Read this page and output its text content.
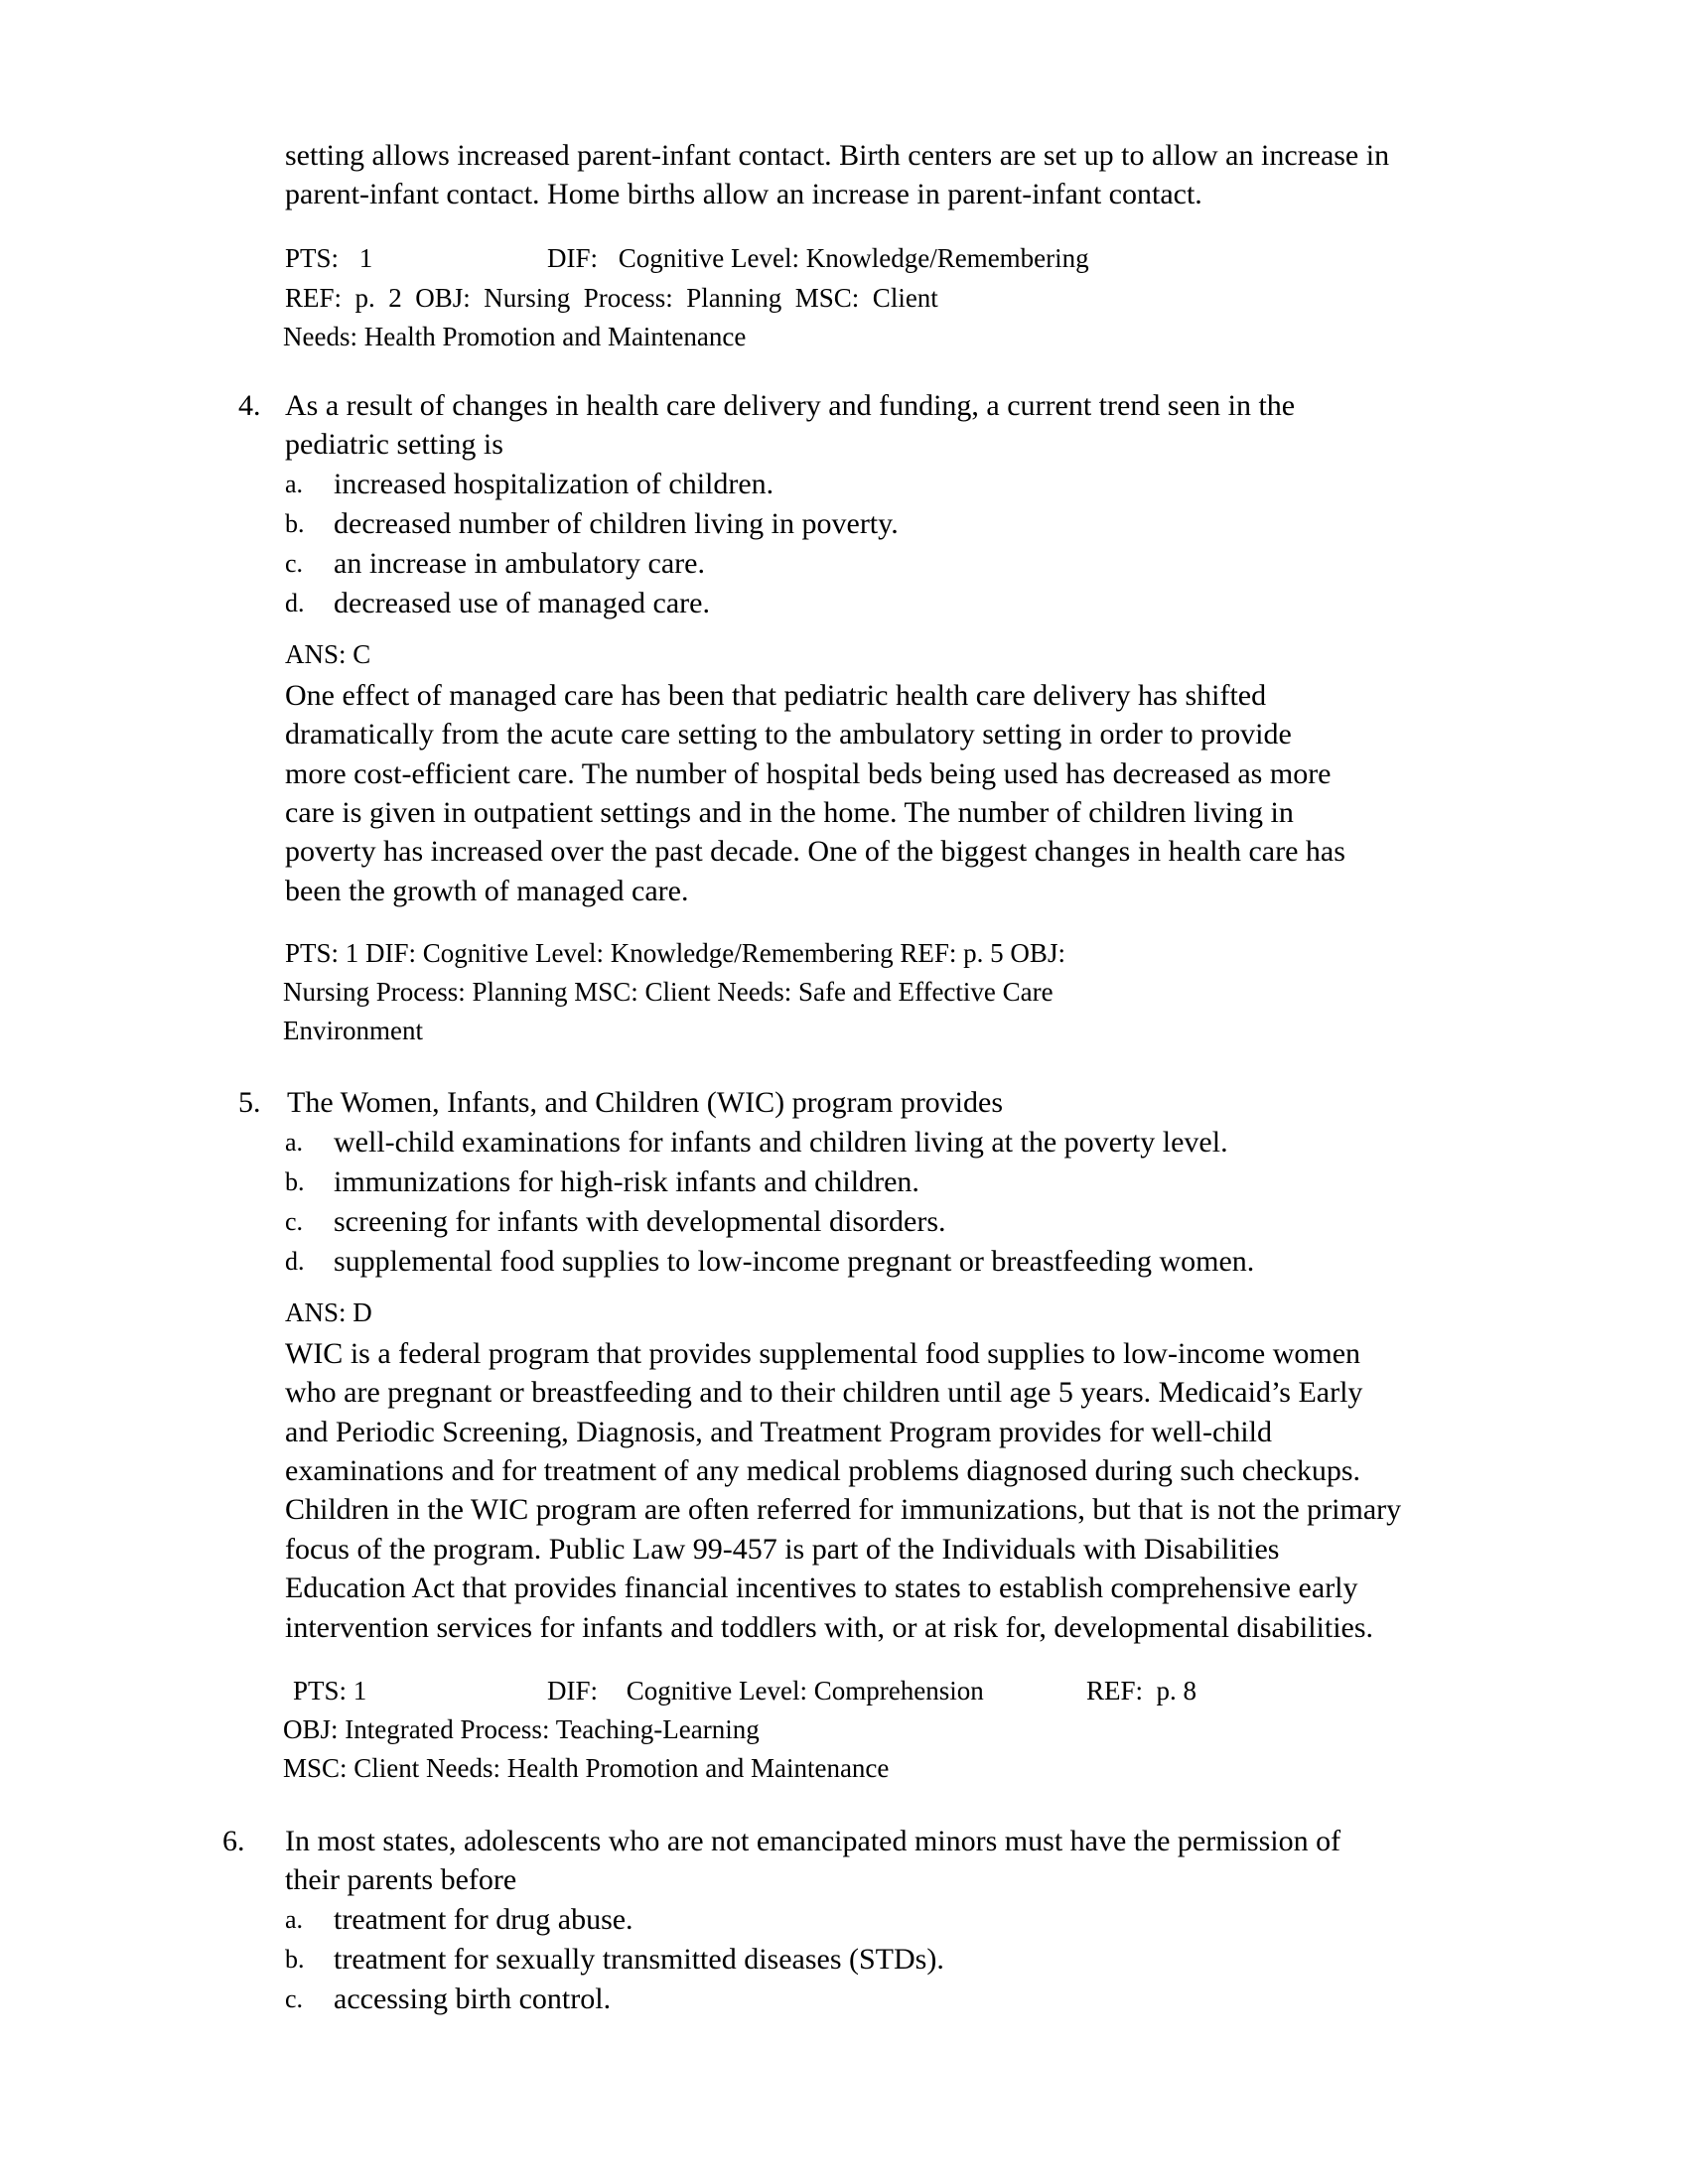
setting allows increased parent-infant contact. Birth centers are set up to allow an increase in
parent-infant contact. Home births allow an increase in parent-infant contact.
PTS: 1	DIF: Cognitive Level: Knowledge/Remembering
REF:  p.  2  OBJ:  Nursing  Process:  Planning  MSC:  Client
Needs: Health Promotion and Maintenance
4. As a result of changes in health care delivery and funding, a current trend seen in the
pediatric setting is
a. increased hospitalization of children.
b. decreased number of children living in poverty.
c. an increase in ambulatory care.
d. decreased use of managed care.
ANS: C
One effect of managed care has been that pediatric health care delivery has shifted
dramatically from the acute care setting to the ambulatory setting in order to provide
more cost-efficient care. The number of hospital beds being used has decreased as more
care is given in outpatient settings and in the home. The number of children living in
poverty has increased over the past decade. One of the biggest changes in health care has
been the growth of managed care.
PTS: 1 DIF: Cognitive Level: Knowledge/Remembering REF: p. 5 OBJ:
Nursing Process: Planning MSC: Client Needs: Safe and Effective Care
Environment
5. The Women, Infants, and Children (WIC) program provides
a. well-child examinations for infants and children living at the poverty level.
b. immunizations for high-risk infants and children.
c. screening for infants with developmental disorders.
d. supplemental food supplies to low-income pregnant or breastfeeding women.
ANS: D
WIC is a federal program that provides supplemental food supplies to low-income women
who are pregnant or breastfeeding and to their children until age 5 years. Medicaid’s Early
and Periodic Screening, Diagnosis, and Treatment Program provides for well-child
examinations and for treatment of any medical problems diagnosed during such checkups.
Children in the WIC program are often referred for immunizations, but that is not the primary
focus of the program. Public Law 99-457 is part of the Individuals with Disabilities
Education Act that provides financial incentives to states to establish comprehensive early
intervention services for infants and toddlers with, or at risk for, developmental disabilities.
PTS: 1	DIF: Cognitive Level: Comprehension	REF:  p. 8
OBJ: Integrated Process: Teaching-Learning
MSC: Client Needs: Health Promotion and Maintenance
6. In most states, adolescents who are not emancipated minors must have the permission of
their parents before
a. treatment for drug abuse.
b. treatment for sexually transmitted diseases (STDs).
c. accessing birth control.
